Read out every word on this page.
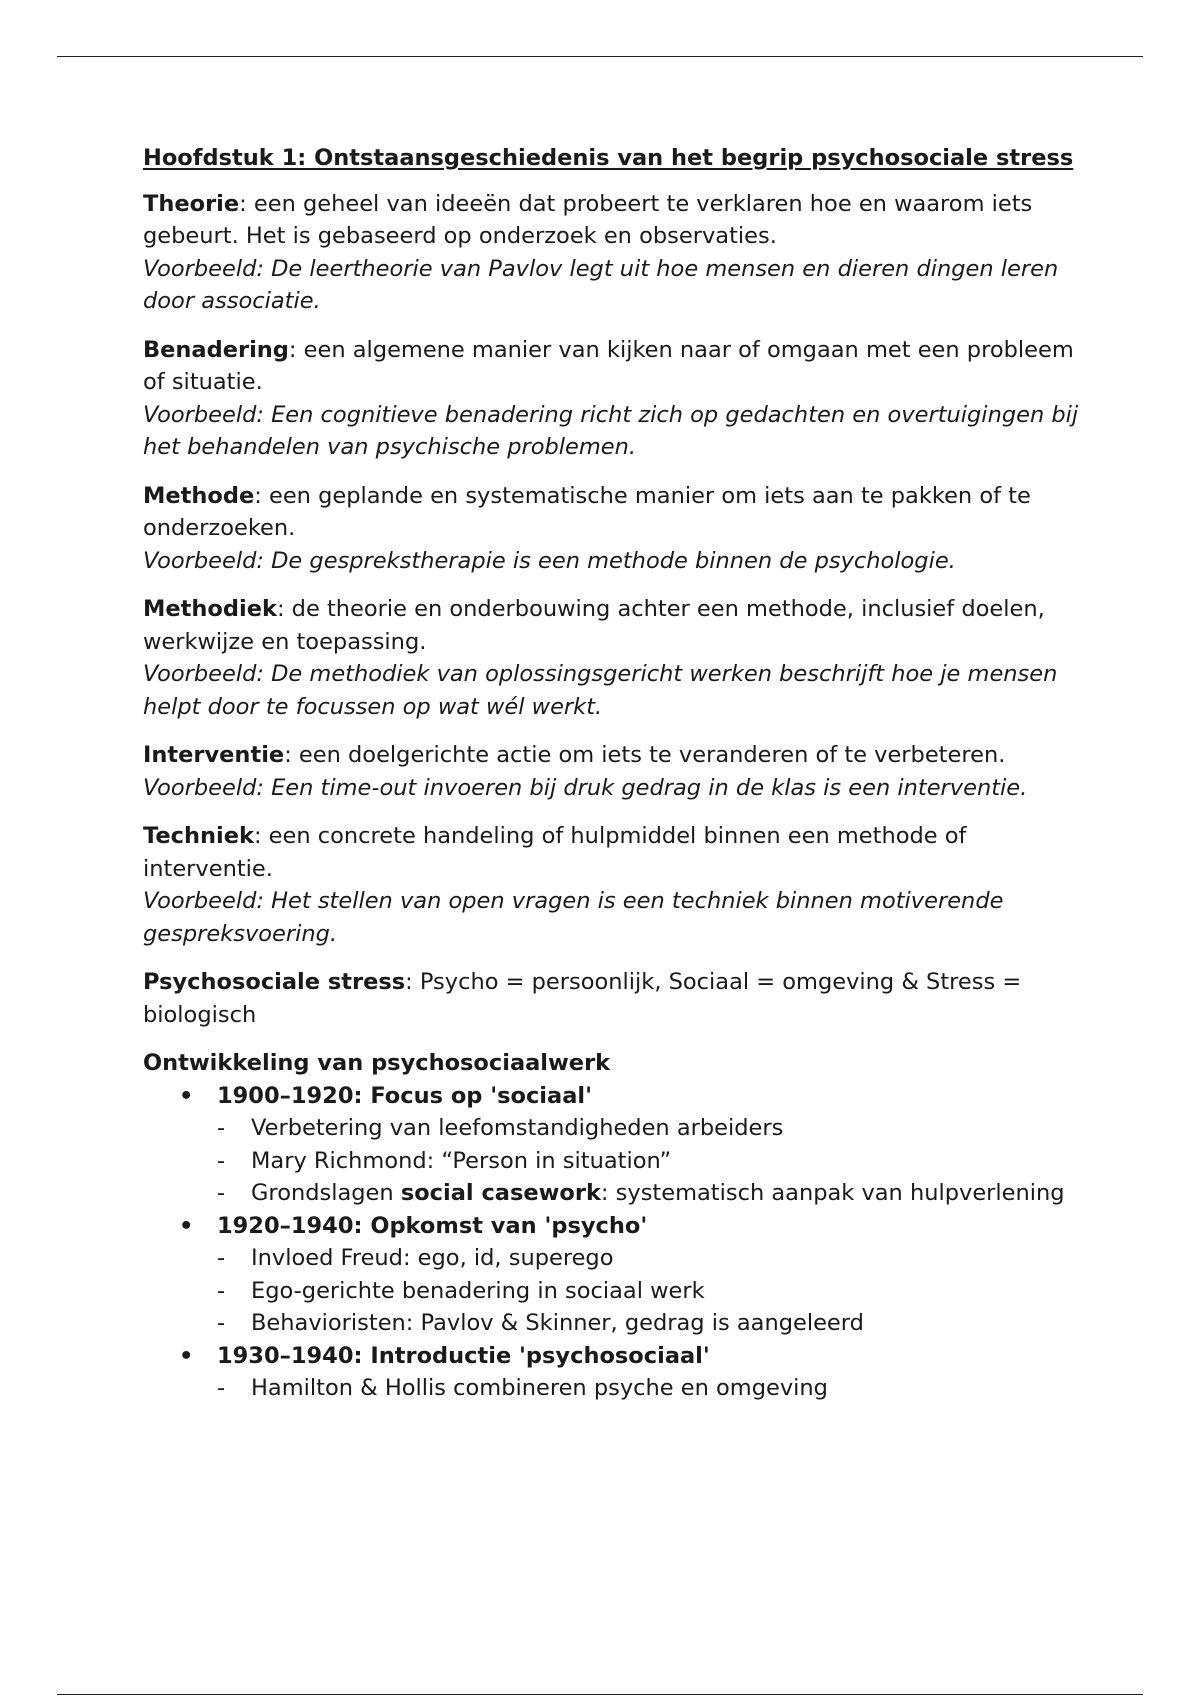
Hoofdstuk 1: Ontstaansgeschiedenis van het begrip psychosociale stress
Theorie: een geheel van ideeën dat probeert te verklaren hoe en waarom iets gebeurt. Het is gebaseerd op onderzoek en observaties.
Voorbeeld: De leertheorie van Pavlov legt uit hoe mensen en dieren dingen leren door associatie.
Benadering: een algemene manier van kijken naar of omgaan met een probleem of situatie.
Voorbeeld: Een cognitieve benadering richt zich op gedachten en overtuigingen bij het behandelen van psychische problemen.
Methode: een geplande en systematische manier om iets aan te pakken of te onderzoeken.
Voorbeeld: De gesprekstherapie is een methode binnen de psychologie.
Methodiek: de theorie en onderbouwing achter een methode, inclusief doelen, werkwijze en toepassing.
Voorbeeld: De methodiek van oplossingsgericht werken beschrijft hoe je mensen helpt door te focussen op wat wél werkt.
Interventie: een doelgerichte actie om iets te veranderen of te verbeteren.
Voorbeeld: Een time-out invoeren bij druk gedrag in de klas is een interventie.
Techniek: een concrete handeling of hulpmiddel binnen een methode of interventie.
Voorbeeld: Het stellen van open vragen is een techniek binnen motiverende gespreksvoering.
Psychosociale stress: Psycho = persoonlijk, Sociaal = omgeving & Stress = biologisch
Ontwikkeling van psychosociaalwerk
• 1900–1920: Focus op 'sociaal'
- Verbetering van leefomstandigheden arbeiders
- Mary Richmond: “Person in situation”
- Grondslagen social casework: systematisch aanpak van hulpverlening
• 1920–1940: Opkomst van 'psycho'
- Invloed Freud: ego, id, superego
- Ego-gerichte benadering in sociaal werk
- Behavioristen: Pavlov & Skinner, gedrag is aangeleerd
• 1930–1940: Introductie 'psychosociaal'
- Hamilton & Hollis combineren psyche en omgeving
